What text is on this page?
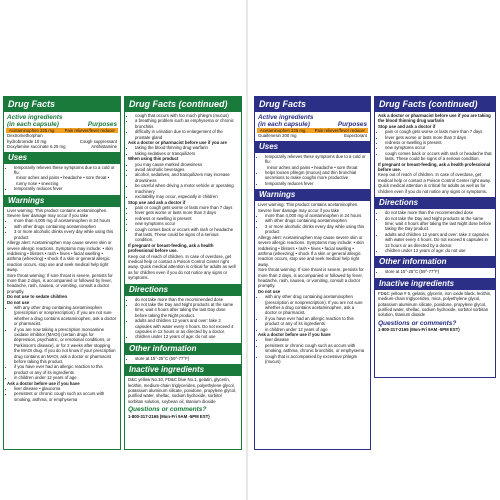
Drug Facts
Active ingredients
(in each capsule)	Purposes
Acetaminophen 325 mg Pain reliever/fever reducer
Dextromethorphan
hydrobromide 10 mg	Cough suppressant
Doxylamine succinate 6.25 mg	Antihistamine
Uses
• temporarily relieves these symptoms due to a cold or flu:
minor aches and pains • headache • sore throat • runny nose • sneezing
• temporarily reduces fever
Warnings
Liver warning: This product contains acetaminophen. Severe liver damage may occur if you take
• more than 4,000 mg of acetaminophen in 24 hours
• with other drugs containing acetaminophen
• 3 or more alcoholic drinks every day while using this product
Allergy alert: Acetaminophen may cause severe skin or severe allergic reactions. Symptoms may include: • skin reddening • blisters • rash • hives • facial swelling • asthma (wheezing) • shock If a skin or general allergic reaction occurs, stop use and seek medical help right away.
Sore throat warning: If sore throat is severe, persists for more than 2 days, is accompanied or followed by fever, headache, rash, nausea, or vomiting, consult a doctor promptly.
Do not use to sedate children
Do not use
• with any other drug containing acetaminophen (prescription or nonprescription). If you are not sure whether a drug contains acetaminophen, ask a doctor or pharmacist.
• if you are now taking a prescription monoamine oxidase inhibitor (MAOI) (certain drugs for depression, psychiatric, or emotional conditions, or Parkinson's disease), or for 2 weeks after stopping the MAOI drug. If you do not know if your prescription drug contains an MAOI, ask a doctor or pharmacist before taking this product.
• if you have ever had an allergic reaction to this product or any of its ingredients
• in children under 12 years of age
Ask a doctor before use if you have
• liver disease • glaucoma
• persistent or chronic cough such as occurs with smoking, asthma, or emphysema
Drug Facts (continued)
• cough that occurs with too much phlegm (mucus)
• a breathing problem such as emphysema or chronic bronchitis
• difficulty in urination due to enlargement of the prostate gland
Ask a doctor or pharmacist before use if you are
• taking the blood thinning drug warfarin
• taking sedatives or tranquilizers
When using this product
• you may cause marked drowsiness
• avoid alcoholic beverages
• alcohol, sedatives, and tranquilizers may increase drowsiness
• be careful when driving a motor vehicle or operating machinery
• excitability may occur, especially in children
Stop use and ask a doctor if
• pain or cough gets worse or lasts more than 7 days
• fever gets worse or lasts more than 3 days
• redness or swelling is present
• new symptoms occur
• cough comes back or occurs with rash or headache that lasts. These could be signs of a serious condition.
If pregnant or breast-feeding, ask a health professional before use.
Keep out of reach of children. In case of overdose, get medical help or contact a Poison Control Center right away. Quick medical attention is critical for adults as well as for children even if you do not notice any signs or symptoms.
Directions
• do not take more than the recommended dose
• do not take the Day and Night products at the same time; wait 4 hours after taking the last Day dose before taking the Night product.
• adults and children 12 years and over: take 2 capsules with water every 4 hours. Do not exceed 4 capsules in 12 hours or as directed by a doctor.
• children under 12 years of age: do not use
Other information
• store at 15°-25°C (59°-77°F)
Inactive ingredients
D&C yellow No.10, FD&C blue No.1, gelatin, glycerin, lecithin, medium-chain triglycerides, polyethylene glycol, potassium aluminum silicate, povidone, propylene glycol, purified water, shellac, sodium hydroxide, sorbitol sorbitan solution, soybean oil, titanium dioxide
Questions or comments?
1-800-317-2165 (Mon-Fri 9AM -5PM EST)
Drug Facts
Active ingredients
(in each capsule)	Purposes
Acetaminophen 325 mg Pain reliever/fever reducer
Guaifenesin 200 mg	Expectorant
Uses
• temporarily relieves these symptoms due to a cold or flu:
minor aches and pains • headache • sore throat
• helps loosen phlegm (mucus) and thin bronchial secretions to make coughs more productive
• temporarily reduces fever
Warnings
Liver warning: This product contains acetaminophen. Severe liver damage may occur if you take
• more than 4,000 mg of acetaminophen in 24 hours
• with other drugs containing acetaminophen
• 3 or more alcoholic drinks every day while using this product
Allergy alert: Acetaminophen may cause severe skin or severe allergic reactions. Symptoms may include: • skin reddening • blisters • rash • hives • facial swelling • asthma (wheezing) • shock If a skin or general allergic reaction occurs, stop use and seek medical help right away.
Sore throat warning: If sore throat is severe, persists for more than 2 days, is accompanied or followed by fever, headache, rash, nausea, or vomiting, consult a doctor promptly.
Do not use
• with any other drug containing acetaminophen (prescription or nonprescription). If you are not sure whether a drug contains acetaminophen, ask a doctor or pharmacist.
• if you have ever had an allergic reaction to this product or any of its ingredients
• in children under 12 years of age
Ask a doctor before use if you have
• liver disease
• persistent or chronic cough such as occurs with smoking, asthma, chronic bronchitis, or emphysema
• cough that is accompanied by excessive phlegm (mucus)
Drug Facts (continued)
Ask a doctor or pharmacist before use if you are taking the blood thinning drug warfarin
Stop use and ask a doctor if
• pain or cough gets worse or lasts more than 7 days
• fever gets worse or lasts more than 3 days
• redness or swelling is present
• new symptoms occur
• cough comes back or occurs with rash or headache that lasts. These could be signs of a serious condition.
If pregnant or breast-feeding, ask a health professional before use.
Keep out of reach of children. In case of overdose, get medical help or contact a Poison Control Center right away. Quick medical attention is critical for adults as well as for children even if you do not notice any signs or symptoms.
Directions
• do not take more than the recommended dose
• do not take the Day and Night products at the same time; wait 4 hours after taking the last Night dose before taking the Day product.
• adults and children 12 years and over: take 2 capsules with water every 4 hours. Do not exceed 6 capsules in 12 hours or as directed by a doctor.
• children under 12 years of age: do not use
Other information
• store at 15°-25°C (59°-77°F)
Inactive ingredients
FD&C yellow # 6, gelatin, glycerin, iron oxide black, lecithin, medium-chain triglycerides, mica, polyethylene glycol, potassium aluminum silicate, povidone, propylene glycol, purified water, shellac, sodium hydroxide, sorbitol sorbitan solution, titanium dioxide
Questions or comments?
1-800-317-2165 (Mon-Fri 9AM -5PM EST)
